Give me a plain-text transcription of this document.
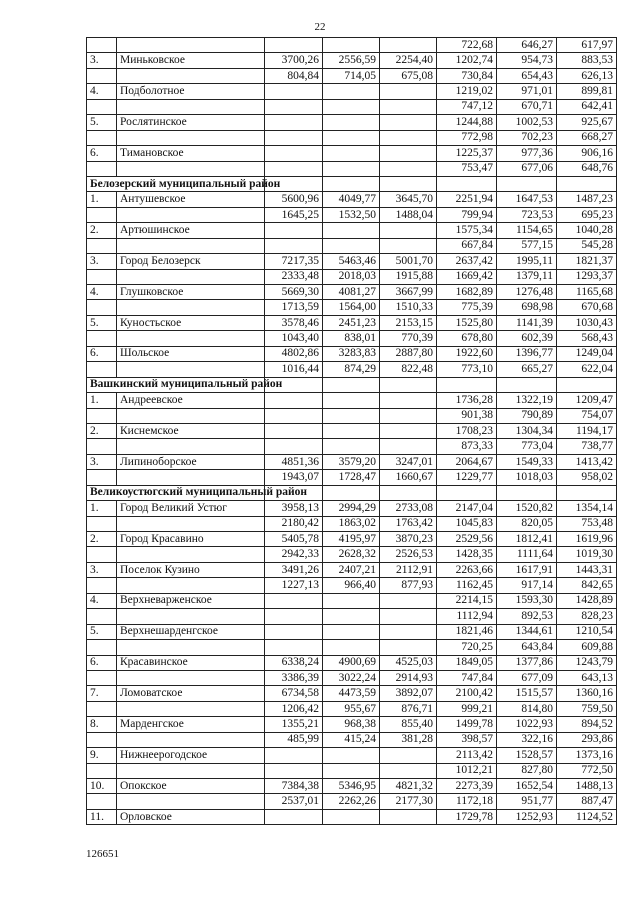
22
					722,68	646,27	617,97
3.	Миньковское	3700,26	2556,59	2254,40	1202,74	954,73	883,53
		804,84	714,05	675,08	730,84	654,43	626,13
4.	Подболотное				1219,02	971,01	899,81
					747,12	670,71	642,41
5.	Рослятинское				1244,88	1002,53	925,67
					772,98	702,23	668,27
6.	Тимановское				1225,37	977,36	906,16
					753,47	677,06	648,76
Белозерский муниципальный район							
1.	Антушевское	5600,96	4049,77	3645,70	2251,94	1647,53	1487,23
		1645,25	1532,50	1488,04	799,94	723,53	695,23
2.	Артюшинское				1575,34	1154,65	1040,28
					667,84	577,15	545,28
3.	Город Белозерск	7217,35	5463,46	5001,70	2637,42	1995,11	1821,37
		2333,48	2018,03	1915,88	1669,42	1379,11	1293,37
4.	Глушковское	5669,30	4081,27	3667,99	1682,89	1276,48	1165,68
		1713,59	1564,00	1510,33	775,39	698,98	670,68
5.	Куностьское	3578,46	2451,23	2153,15	1525,80	1141,39	1030,43
		1043,40	838,01	770,39	678,80	602,39	568,43
6.	Шольское	4802,86	3283,83	2887,80	1922,60	1396,77	1249,04
		1016,44	874,29	822,48	773,10	665,27	622,04
Вашкинский муниципальный район							
1.	Андреевское				1736,28	1322,19	1209,47
					901,38	790,89	754,07
2.	Киснемское				1708,23	1304,34	1194,17
					873,33	773,04	738,77
3.	Липиноборское	4851,36	3579,20	3247,01	2064,67	1549,33	1413,42
		1943,07	1728,47	1660,67	1229,77	1018,03	958,02
Великоустюгский муниципальный район							
1.	Город Великий Устюг	3958,13	2994,29	2733,08	2147,04	1520,82	1354,14
		2180,42	1863,02	1763,42	1045,83	820,05	753,48
2.	Город Красавино	5405,78	4195,97	3870,23	2529,56	1812,41	1619,96
		2942,33	2628,32	2526,53	1428,35	1111,64	1019,30
3.	Поселок Кузино	3491,26	2407,21	2112,91	2263,66	1617,91	1443,31
		1227,13	966,40	877,93	1162,45	917,14	842,65
4.	Верхневарженское				2214,15	1593,30	1428,89
					1112,94	892,53	828,23
5.	Верхнешарденгское				1821,46	1344,61	1210,54
					720,25	643,84	609,88
6.	Красавинское	6338,24	4900,69	4525,03	1849,05	1377,86	1243,79
		3386,39	3022,24	2914,93	747,84	677,09	643,13
7.	Ломоватское	6734,58	4473,59	3892,07	2100,42	1515,57	1360,16
		1206,42	955,67	876,71	999,21	814,80	759,50
8.	Марденгское	1355,21	968,38	855,40	1499,78	1022,93	894,52
		485,99	415,24	381,28	398,57	322,16	293,86
9.	Нижнеерогодское				2113,42	1528,57	1373,16
					1012,21	827,80	772,50
10.	Опокское	7384,38	5346,95	4821,32	2273,39	1652,54	1488,13
		2537,01	2262,26	2177,30	1172,18	951,77	887,47
11.	Орловское				1729,78	1252,93	1124,52
126651
